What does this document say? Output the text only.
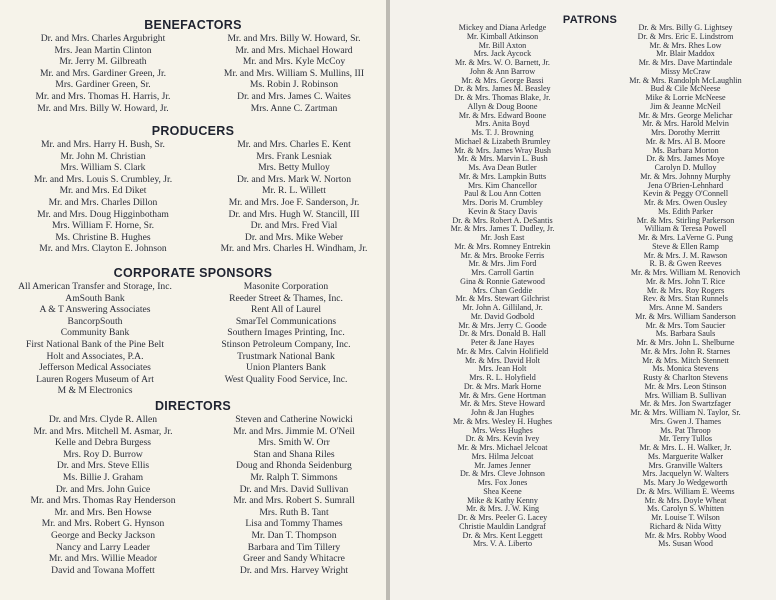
BENEFACTORS
Dr. and Mrs. Charles Argubright
Mrs. Jean Martin Clinton
Mr. Jerry M. Gilbreath
Mr. and Mrs. Gardiner Green, Jr.
Mrs. Gardiner Green, Sr.
Mr. and Mrs. Thomas H. Harris, Jr.
Mr. and Mrs. Billy W. Howard, Jr.
Mr. and Mrs. Billy W. Howard, Sr.
Mr. and Mrs. Michael Howard
Mr. and Mrs. Kyle McCoy
Mr. and Mrs. William S. Mullins, III
Ms. Robin J. Robinson
Dr. and Mrs. James C. Waites
Mrs. Anne C. Zartman
PRODUCERS
Mr. and Mrs. Harry H. Bush, Sr.
Mr. John M. Christian
Mrs. William S. Clark
Mr. and Mrs. Louis S. Crumbley, Jr.
Mr. and Mrs. Ed Diket
Mr. and Mrs. Charles Dillon
Mr. and Mrs. Doug Higginbotham
Mrs. William F. Horne, Sr.
Ms. Christine B. Hughes
Mr. and Mrs. Clayton E. Johnson
Mr. and Mrs. Charles E. Kent
Mrs. Frank Lesniak
Mrs. Betty Mulloy
Dr. and Mrs. Mark W. Norton
Mr. R. L. Willett
Mr. and Mrs. Joe F. Sanderson, Jr.
Dr. and Mrs. Hugh W. Stancill, III
Dr. and Mrs. Fred Vial
Dr. and Mrs. Mike Weber
Mr. and Mrs. Charles H. Windham, Jr.
CORPORATE SPONSORS
All American Transfer and Storage, Inc.
AmSouth Bank
A & T Answering Associates
BancorpSouth
Community Bank
First National Bank of the Pine Belt
Holt and Associates, P.A.
Jefferson Medical Associates
Lauren Rogers Museum of Art
M & M Electronics
Masonite Corporation
Reeder Street & Thames, Inc.
Rent All of Laurel
SmarTel Communications
Southern Images Printing, Inc.
Stinson Petroleum Company, Inc.
Trustmark National Bank
Union Planters Bank
West Quality Food Service, Inc.
DIRECTORS
Dr. and Mrs. Clyde R. Allen
Mr. and Mrs. Mitchell M. Asmar, Jr.
Kelle and Debra Burgess
Mrs. Roy D. Burrow
Dr. and Mrs. Steve Ellis
Ms. Billie J. Graham
Dr. and Mrs. John Guice
Mr. and Mrs. Thomas Ray Henderson
Mr. and Mrs. Ben Howse
Mr. and Mrs. Robert G. Hynson
George and Becky Jackson
Nancy and Larry Leader
Mr. and Mrs. Willie Meador
David and Towana Moffett
Steven and Catherine Nowicki
Mr. and Mrs. Jimmie M. O'Neil
Mrs. Smith W. Orr
Stan and Shana Riles
Doug and Rhonda Seidenburg
Mr. Ralph T. Simmons
Dr. and Mrs. David Sullivan
Mr. and Mrs. Robert S. Sumrall
Mrs. Ruth B. Tant
Lisa and Tommy Thames
Mr. Dan T. Thompson
Barbara and Tim Tillery
Greer and Sandy Whitacre
Dr. and Mrs. Harvey Wright
PATRONS
Mickey and Diana Arledge
Mr. Kimball Atkinson
Mr. Bill Axton
Mrs. Jack Aycock
Mr. & Mrs. W. O. Barnett, Jr.
John & Ann Barrow
Mr. & Mrs. George Bassi
Dr. & Mrs. James M. Beasley
Dr. & Mrs. Thomas Blake, Jr.
Allyn & Doug Boone
Mr. & Mrs. Edward Boone
Mrs. Anita Boyd
Ms. T. J. Browning
Michael & Lizabeth Brumley
Mr. & Mrs. James Wray Bush
Mr. & Mrs. Marvin L. Bush
Ms. Ava Dean Butler
Mr. & Mrs. Lampkin Butts
Mrs. Kim Chancellor
Paul & Lou Ann Cotten
Mrs. Doris M. Crumbley
Kevin & Stacy Davis
Dr. & Mrs. Robert A. DeSantis
Mr. & Mrs. James T. Dudley, Jr.
Mr. Josh East
Mr. & Mrs. Romney Entrekin
Mr. & Mrs. Brooke Ferris
Mr. & Mrs. Jim Ford
Mrs. Carroll Gartin
Gina & Ronnie Gatewood
Mrs. Chan Geddie
Mr. & Mrs. Stewart Gilchrist
Mr. John A. Gilliland, Jr.
Mr. David Godbold
Mr. & Mrs. Jerry C. Goode
Dr. & Mrs. Donald B. Hall
Peter & Jane Hayes
Mr. & Mrs. Calvin Holifield
Mr. & Mrs. David Holt
Mrs. Jean Holt
Mrs. R. L. Holyfield
Dr. & Mrs. Mark Horne
Mr. & Mrs. Gene Hortman
Mr. & Mrs. Steve Howard
John & Jan Hughes
Mr. & Mrs. Wesley H. Hughes
Mrs. Wess Hughes
Dr. & Mrs. Kevin Ivey
Mr. & Mrs. Michael Jelcoat
Mrs. Hilma Jelcoat
Mr. James Jenner
Dr. & Mrs. Cleve Johnson
Mrs. Fox Jones
Shea Keene
Mike & Kathy Kenny
Mr. & Mrs. J. W. King
Dr. & Mrs. Peeler G. Lacey
Christie Mauldin Landgraf
Dr. & Mrs. Kent Leggett
Mrs. V. A. Liberto
Dr. & Mrs. Billy G. Lightsey
Dr. & Mrs. Eric E. Lindstrom
Mr. & Mrs. Rhes Low
Mr. Blair Maddox
Mr. & Mrs. Dave Martindale
Missy McCraw
Mr. & Mrs. Randolph McLaughlin
Bud & Cile McNeese
Mike & Lorrie McNeese
Jim & Jeanne McNeil
Mr. & Mrs. George Melichar
Mr. & Mrs. Harold Melvin
Mrs. Dorothy Merritt
Mr. & Mrs. Al B. Moore
Ms. Barbara Morton
Dr. & Mrs. James Moye
Carolyn D. Mulloy
Mr. & Mrs. Johnny Murphy
Jena O'Brien-Lehnhard
Kevin & Peggy O'Connell
Mr. & Mrs. Owen Ousley
Ms. Edith Parker
Mr. & Mrs. Stirling Parkerson
William & Teresa Powell
Mr. & Mrs. LaVerne G. Pung
Steve & Ellen Ramp
Mr. & Mrs. J. M. Rawson
R. B. & Gwen Reeves
Mr. & Mrs. William M. Renovich
Mr. & Mrs. John T. Rice
Mr. & Mrs. Roy Rogers
Rev. & Mrs. Stan Runnels
Mrs. Anne M. Sanders
Mr. & Mrs. William Sanderson
Mr. & Mrs. Tom Saucier
Ms. Barbara Sauls
Mr. & Mrs. John L. Shelburne
Mr. & Mrs. John R. Starnes
Mr. & Mrs. Mitch Stennett
Ms. Monica Stevens
Rusty & Charlton Stevens
Mr. & Mrs. Leon Stinson
Mrs. William B. Sullivan
Mr. & Mrs. Jon Swartzfager
Mr. & Mrs. William N. Taylor, Sr.
Mrs. Gwen J. Thames
Ms. Pat Throop
Mr. Terry Tullos
Mr. & Mrs. L. H. Walker, Jr.
Ms. Marguerite Walker
Mrs. Granville Walters
Mrs. Jacquelyn W. Walters
Ms. Mary Jo Wedgeworth
Dr. & Mrs. William E. Weems
Mr. & Mrs. Doyle Wheat
Ms. Carolyn S. Whitten
Mr. Louise T. Wilson
Richard & Nida Witty
Mr. & Mrs. Robby Wood
Ms. Susan Wood
